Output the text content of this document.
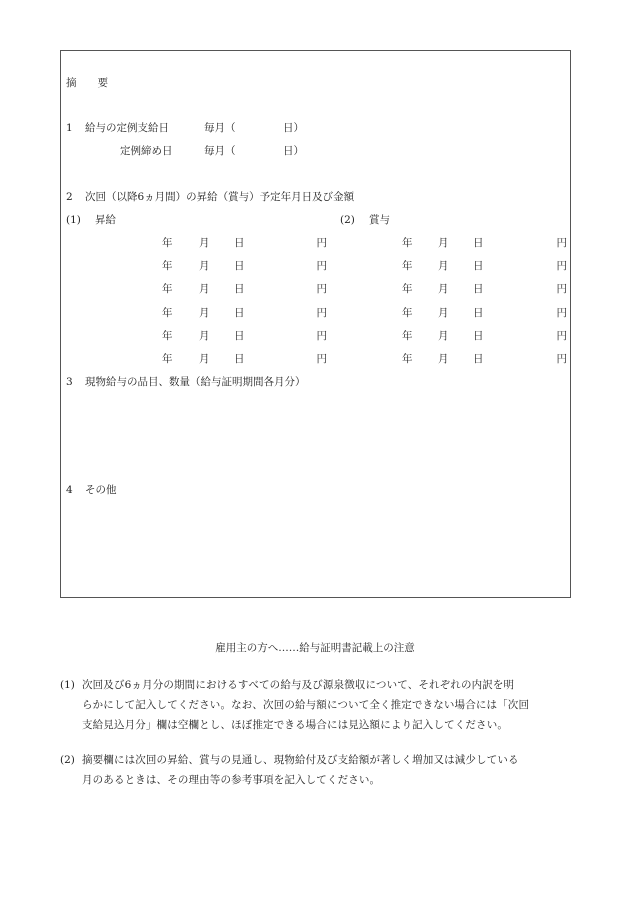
摘　　要
1 給与の定例支給日	毎月（	日）
定例締め日	毎月（	日）
2 次回（以降6ヵ月間）の昇給（賞与）予定年月日及び金額
(1) 昇給	(2) 賞与
年	月 日	円	年 月 日	円
年	月 日	円	年 月 日	円
年	月 日	円	年 月 日	円
年	月 日	円	年 月 日	円
年	月 日	円	年 月 日	円
年	月 日	円	年 月 日	円
3 現物給与の品目、数量（給与証明期間各月分）
4 その他
雇用主の方へ……給与証明書記載上の注意
(1) 次回及び6ヵ月分の期間におけるすべての給与及び源泉徴収について、それぞれの内訳を明
らかにして記入してください。なお、次回の給与額について全く推定できない場合には「次回
支給見込月分」欄は空欄とし、ほぼ推定できる場合には見込額により記入してください。
(2) 摘要欄には次回の昇給、賞与の見通し、現物給付及び支給額が著しく増加又は減少している
月のあるときは、その理由等の参考事項を記入してください。
